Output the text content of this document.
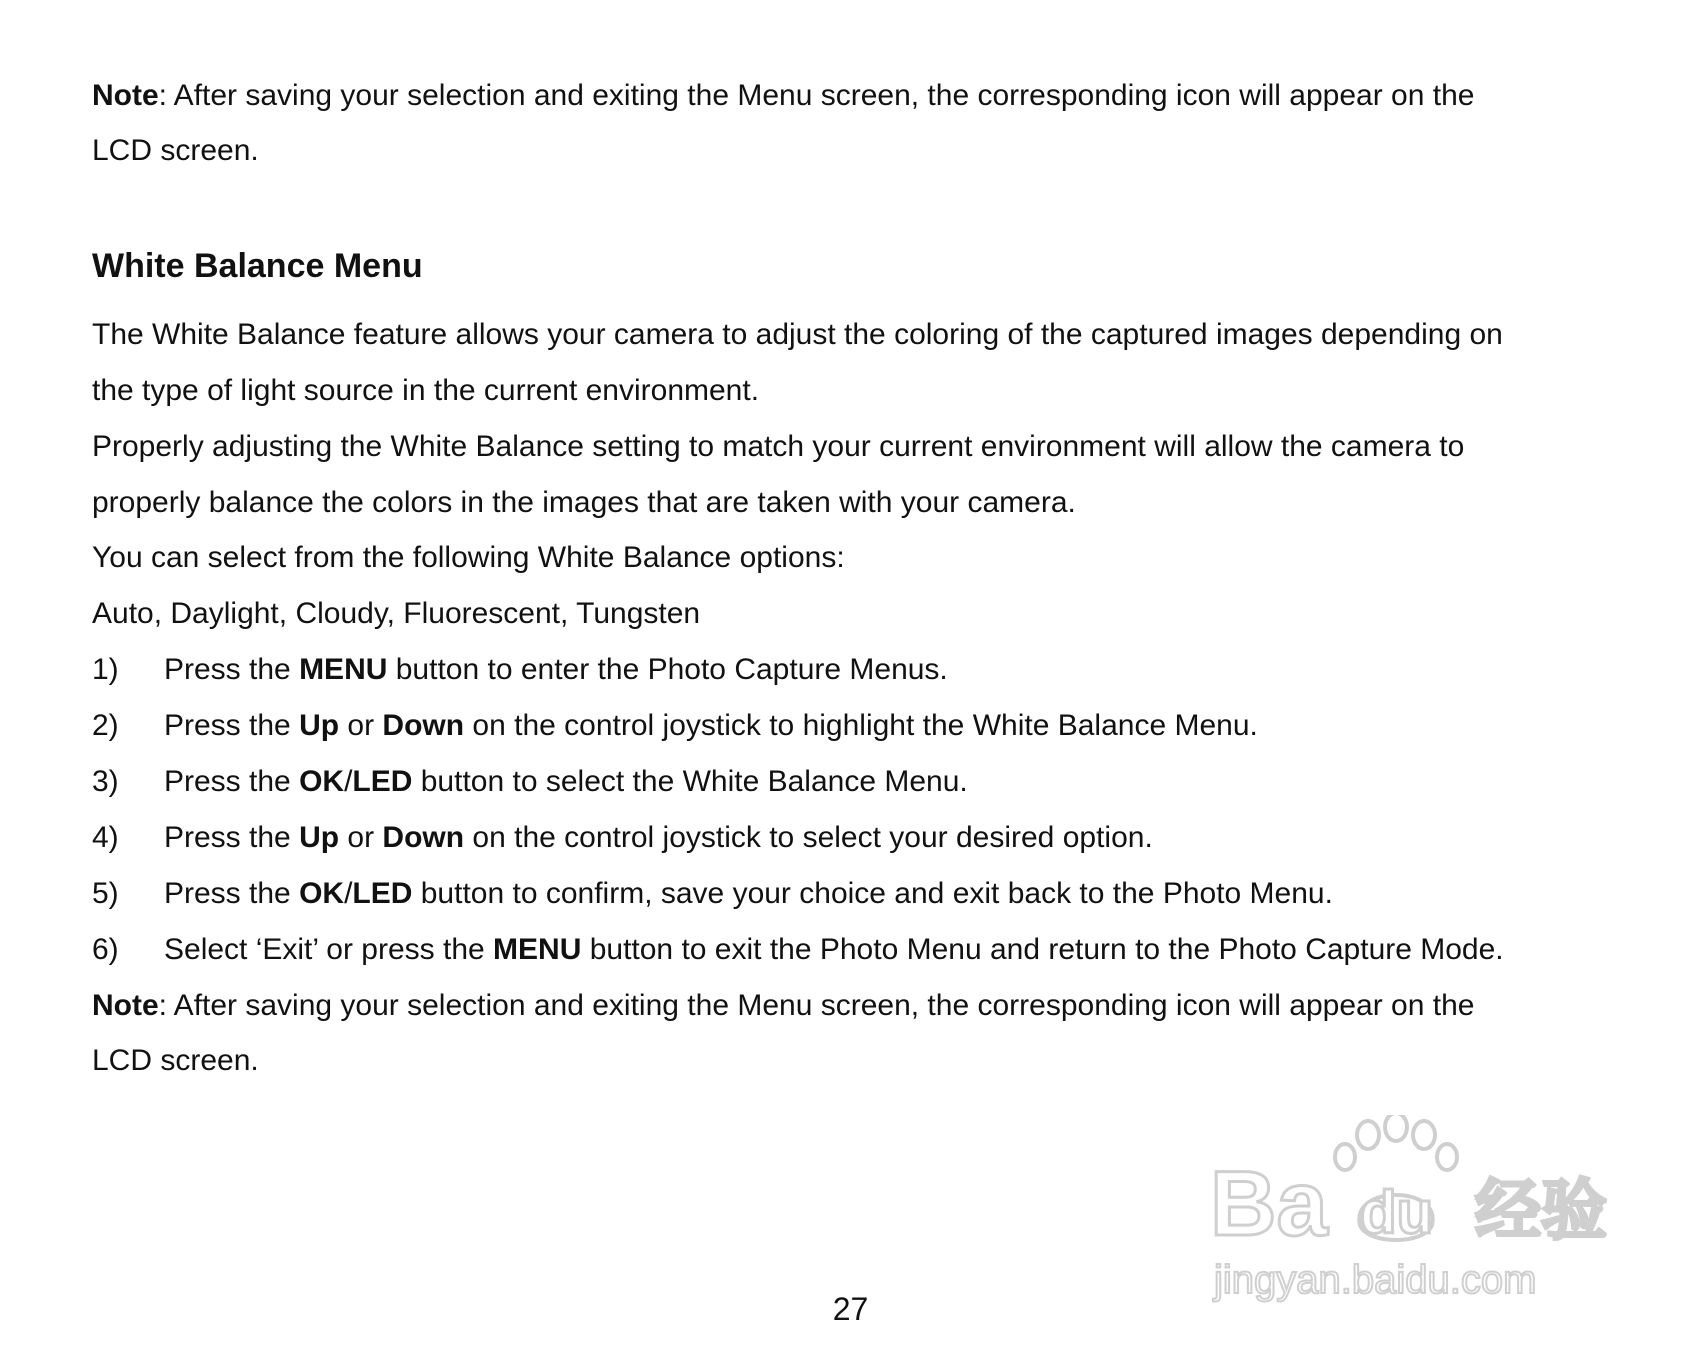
Note: After saving your selection and exiting the Menu screen, the corresponding icon will appear on the

LCD screen.

White Balance Menu

The White Balance feature allows your camera to adjust the coloring of the captured images depending on

the type of light source in the current environment.

Properly adjusting the White Balance setting to match your current environment will allow the camera to

properly balance the colors in the images that are taken with your camera.

You can select from the following White Balance options:

Auto, Daylight, Cloudy, Fluorescent, Tungsten

1) Press the MENU button to enter the Photo Capture Menus.

2) Press the Up or Down on the control joystick to highlight the White Balance Menu.

3) Press the OK/LED button to select the White Balance Menu.

4) Press the Up or Down on the control joystick to select your desired option.

5) Press the OK/LED button to confirm, save your choice and exit back to the Photo Menu.

6) Select ‘Exit’ or press the MENU button to exit the Photo Menu and return to the Photo Capture Mode.

Note: After saving your selection and exiting the Menu screen, the corresponding icon will appear on the

LCD screen.

Ba du 经验
jingyan.baidu.com
27
